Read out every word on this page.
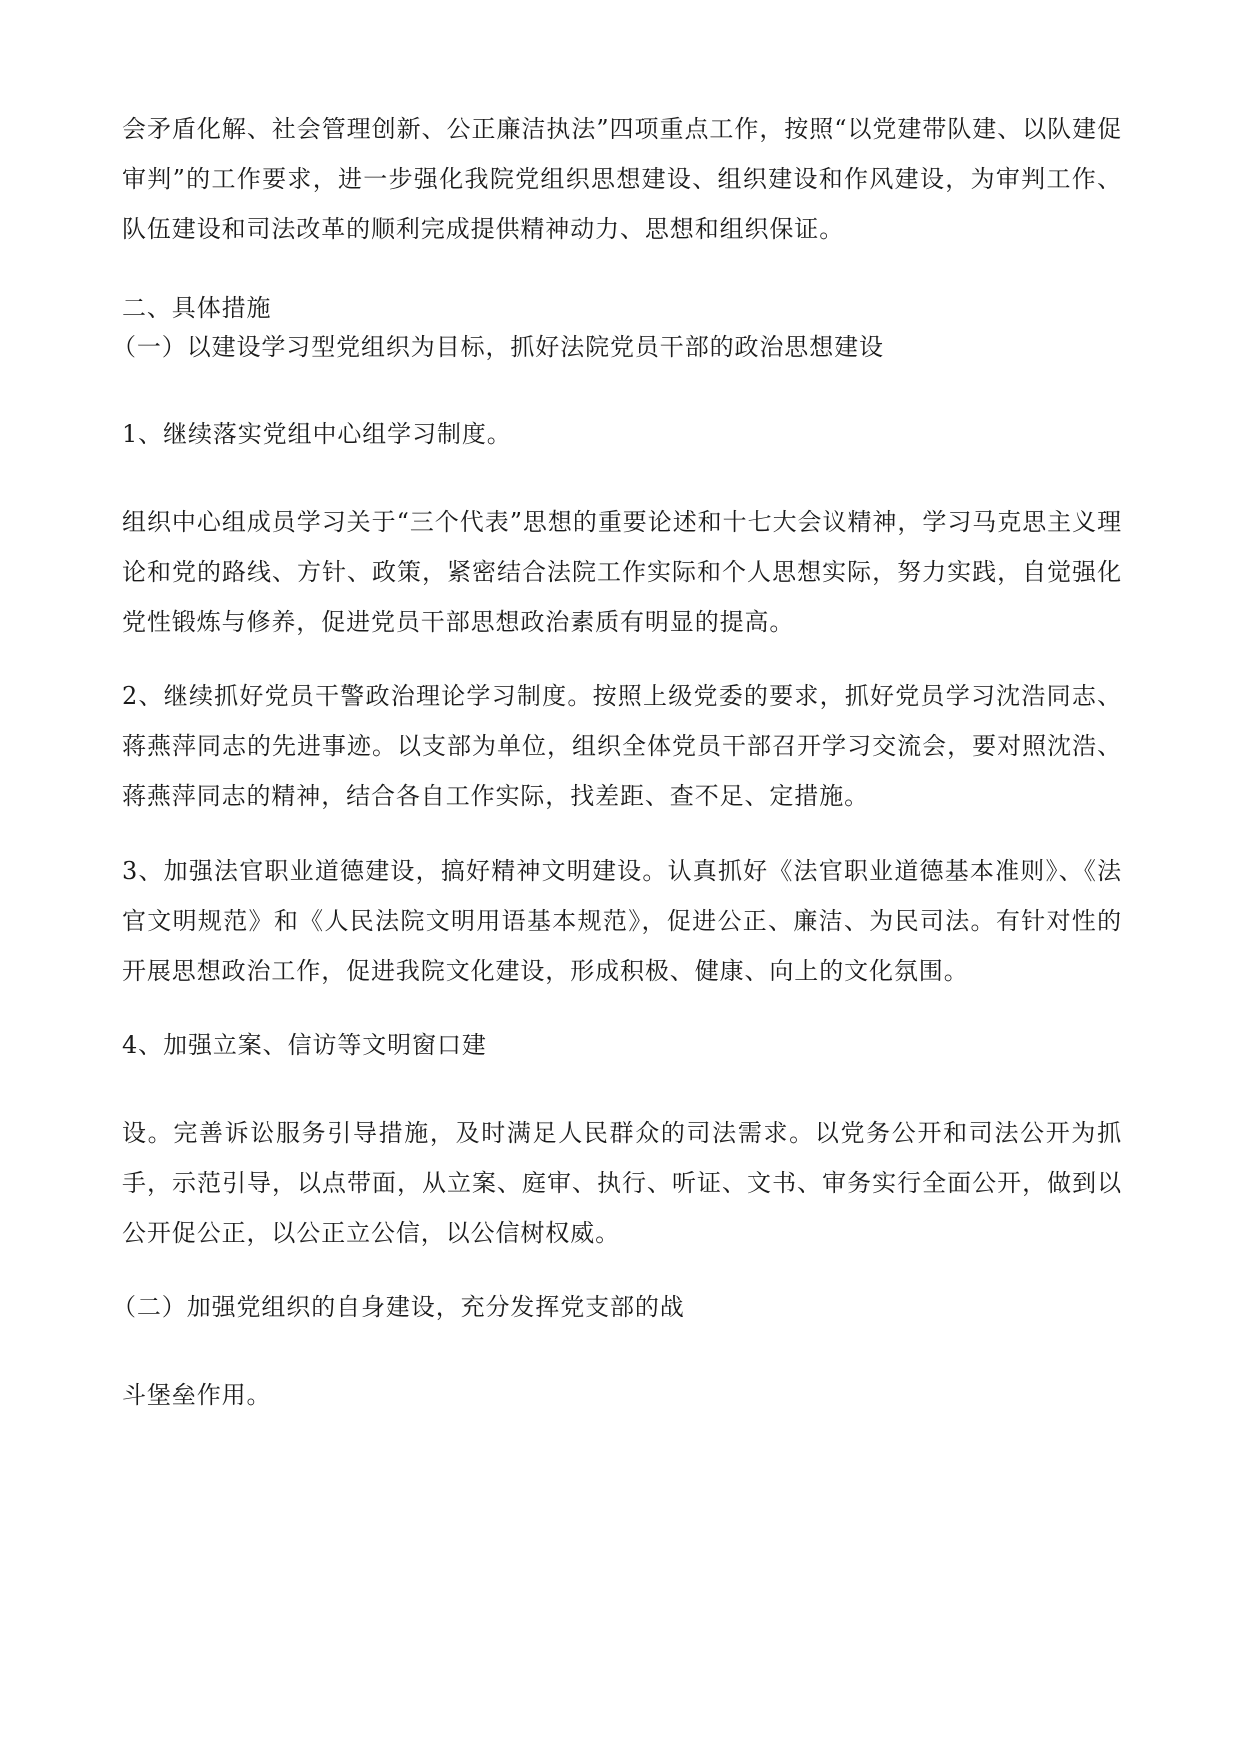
会矛盾化解、社会管理创新、公正廉洁执法”四项重点工作，按照“以党建带队建、以队建促审判”的工作要求，进一步强化我院党组织思想建设、组织建设和作风建设，为审判工作、队伍建设和司法改革的顺利完成提供精神动力、思想和组织保证。

二、具体措施

（一）以建设学习型党组织为目标，抓好法院党员干部的政治思想建设

1、继续落实党组中心组学习制度。

组织中心组成员学习关于“三个代表”思想的重要论述和十七大会议精神，学习马克思主义理论和党的路线、方针、政策，紧密结合法院工作实际和个人思想实际，努力实践，自觉强化党性锻炼与修养，促进党员干部思想政治素质有明显的提高。

2、继续抓好党员干警政治理论学习制度。按照上级党委的要求，抓好党员学习沈浩同志、蒋燕萍同志的先进事迹。以支部为单位，组织全体党员干部召开学习交流会，要对照沈浩、蒋燕萍同志的精神，结合各自工作实际，找差距、查不足、定措施。

3、加强法官职业道德建设，搞好精神文明建设。认真抓好《法官职业道德基本准则》、《法官文明规范》和《人民法院文明用语基本规范》，促进公正、廉洁、为民司法。有针对性的开展思想政治工作，促进我院文化建设，形成积极、健康、向上的文化氛围。

4、加强立案、信访等文明窗口建

设。完善诉讼服务引导措施，及时满足人民群众的司法需求。以党务公开和司法公开为抓手，示范引导，以点带面，从立案、庭审、执行、听证、文书、审务实行全面公开，做到以公开促公正，以公正立公信，以公信树权威。

（二）加强党组织的自身建设，充分发挥党支部的战

斗堡垒作用。
